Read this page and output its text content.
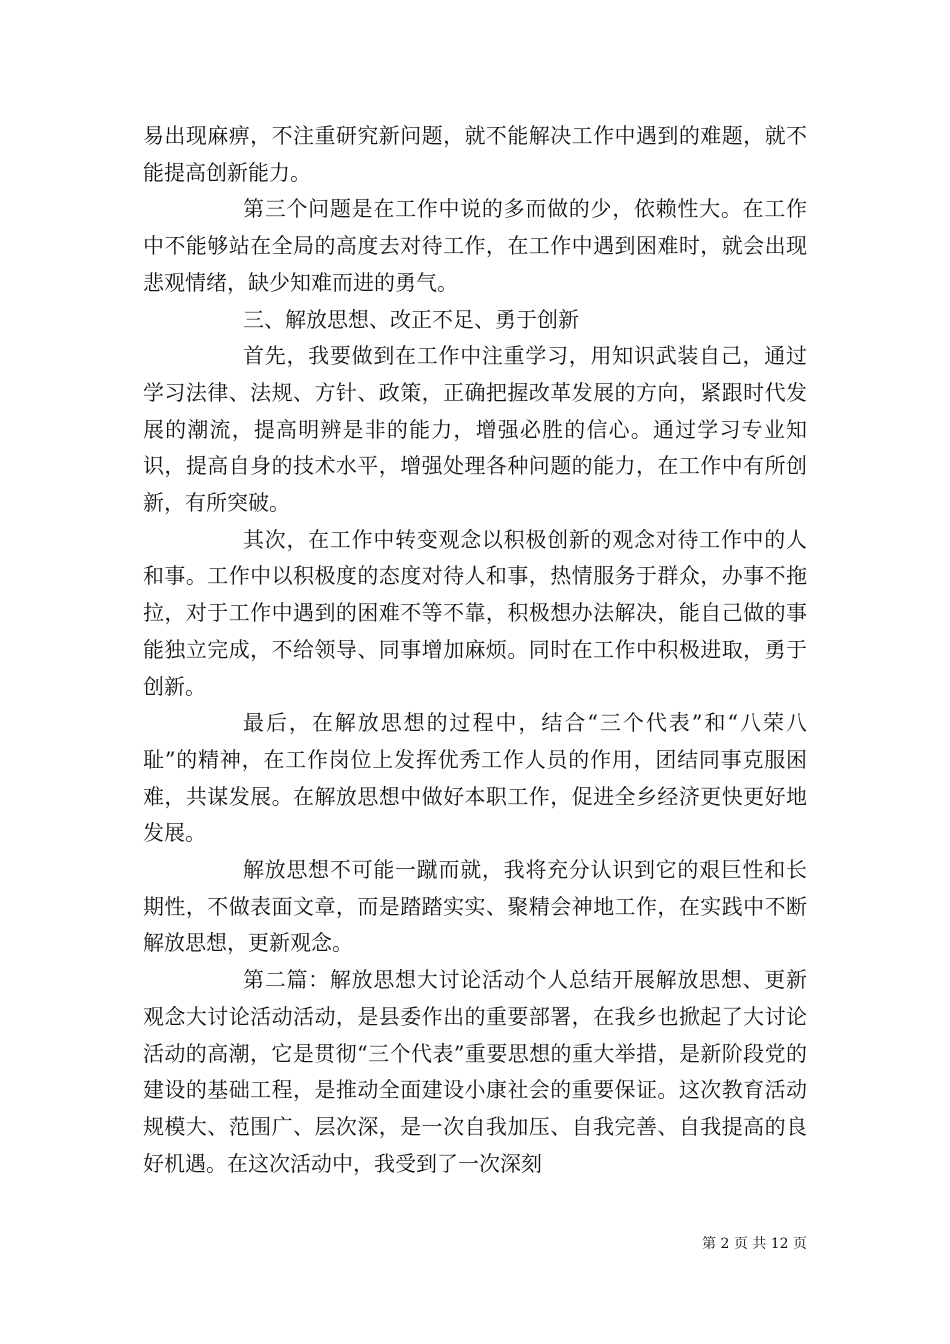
易出现麻痹，不注重研究新问题，就不能解决工作中遇到的难题，就不能提高创新能力。

第三个问题是在工作中说的多而做的少，依赖性大。在工作中不能够站在全局的高度去对待工作，在工作中遇到困难时，就会出现悲观情绪，缺少知难而进的勇气。

三、解放思想、改正不足、勇于创新

首先，我要做到在工作中注重学习，用知识武装自己，通过学习法律、法规、方针、政策，正确把握改革发展的方向，紧跟时代发展的潮流，提高明辨是非的能力，增强必胜的信心。通过学习专业知识，提高自身的技术水平，增强处理各种问题的能力，在工作中有所创新，有所突破。

其次，在工作中转变观念以积极创新的观念对待工作中的人和事。工作中以积极度的态度对待人和事，热情服务于群众，办事不拖拉，对于工作中遇到的困难不等不靠，积极想办法解决，能自己做的事能独立完成，不给领导、同事增加麻烦。同时在工作中积极进取，勇于创新。

最后，在解放思想的过程中，结合“三个代表”和“八荣八耻”的精神，在工作岗位上发挥优秀工作人员的作用，团结同事克服困难，共谋发展。在解放思想中做好本职工作，促进全乡经济更快更好地发展。

解放思想不可能一蹴而就，我将充分认识到它的艰巨性和长期性，不做表面文章，而是踏踏实实、聚精会神地工作，在实践中不断解放思想，更新观念。

第二篇：解放思想大讨论活动个人总结开展解放思想、更新观念大讨论活动活动，是县委作出的重要部署，在我乡也掀起了大讨论活动的高潮，它是贯彻“三个代表”重要思想的重大举措，是新阶段党的建设的基础工程，是推动全面建设小康社会的重要保证。这次教育活动规模大、范围广、层次深，是一次自我加压、自我完善、自我提高的良好机遇。在这次活动中，我受到了一次深刻

第 2 页 共 12 页
